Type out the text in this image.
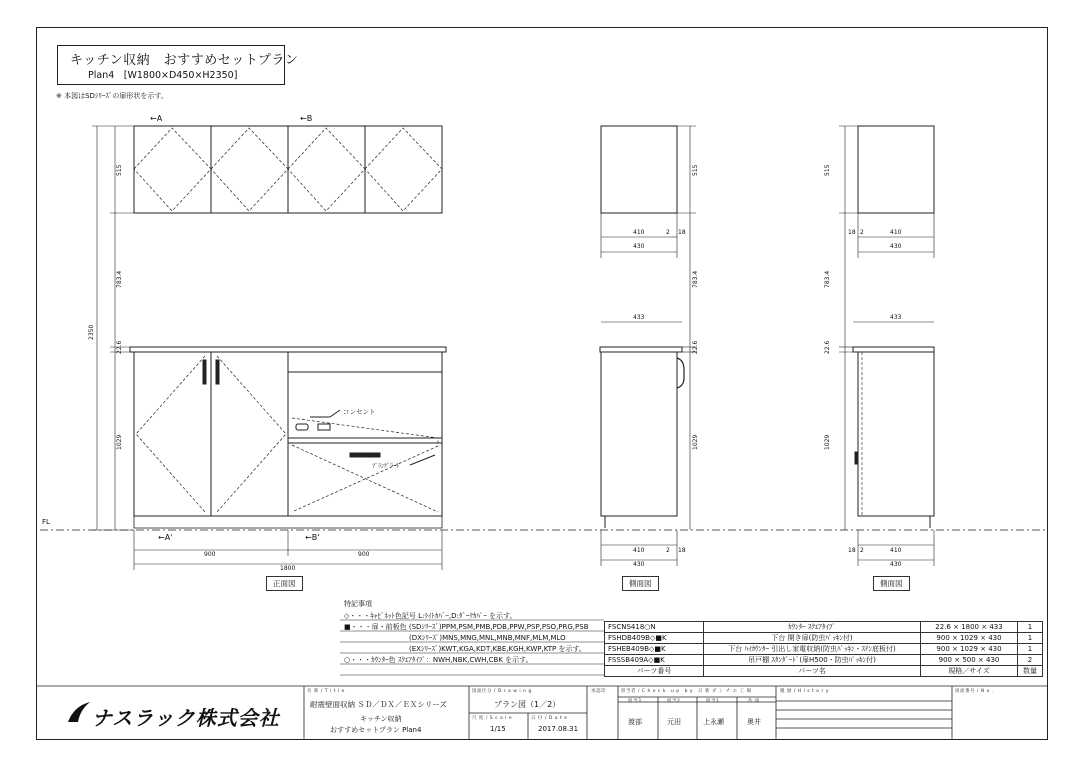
キッチン収納　おすすめセットプラン
Plan4　[W1800×D450×H2350]
※ 本図はSDｼﾘｰｽﾞの扉形状を示す。
←A	←B
←A'	←B'
コンセント
ﾌﾞﾗﾝｹﾞﾗｰﾄﾞ
2350
515
783.4
22.6
1029
900	900
1800
FL
正面図
410	2 18
430
433
410	2 18
430
515
783.4
22.6
1029
側面図
18 2	410
430
433
18 2	410
430
515
783.4
22.6
1029
側面図
特記事項
◇・・・ｷｬﾋﾞﾈｯﾄ色記号 L:ﾗｲﾄｶﾊﾞｰ,D:ﾀﾞｰｸｶﾊﾞｰ を示す。
■・・・扉・前板色 (SDｼﾘｰｽﾞ)PPM,PSM,PMB,PDB,PPW,PSP,PSO,PRG,PSB
(DXｼﾘｰｽﾞ)MNS,MNG,MNL,MNB,MNF,MLM,MLO
(EXｼﾘｰｽﾞ)KWT,KGA,KDT,KBE,KGH,KWP,KTP を示す。
○・・・ｶｳﾝﾀｰ色 ｽｸｴｱﾀｲﾌﾟ：NWH,NBK,CWH,CBK を示す。
FSCNS418○N	ｶｳﾝﾀｰ ｽｸｴｱﾀｲﾌﾟ	22.6 × 1800 × 433	1
FSHDB409B◇■K	下台 開き扉(防虫ﾊﾟｯｷﾝ付)	900 × 1029 × 430	1
FSHEB409B◇■K	下台 ﾊｲｶｳﾝﾀｰ 引出し家電収納(防虫ﾊﾟｯｷﾝ・ｽﾃﾝ底板付)	900 × 1029 × 430	1
FSSSB409A◇■K	吊戸棚 ｽﾀﾝﾀﾞｰﾄﾞ(扉H500・防虫ﾊﾟｯｷﾝ付)	900 × 500 × 430	2
パーツ番号	パーツ名	規格／サイズ	数量
ナスラック株式会社
名 称 / T i t l e
耐震壁面収納 ＳＤ／ＤＸ／ＥＸシリーズ
キッチン収納
おすすめセットプラン Plan4
図面区分 / D r a w i n g
プラン図（1／2）
尺 度 / S c a l e
1/15
日 付 / D a t e
2017.08.31
承認印	担当者 / C h e c k　u p　b y　日 新 ダ ン チ エ 工 場
担当3	担当2	担当1	作 図
渡部	元田	上永瀬	奥井
履 歴 / H i s t o r y	図面番号 / N o .
